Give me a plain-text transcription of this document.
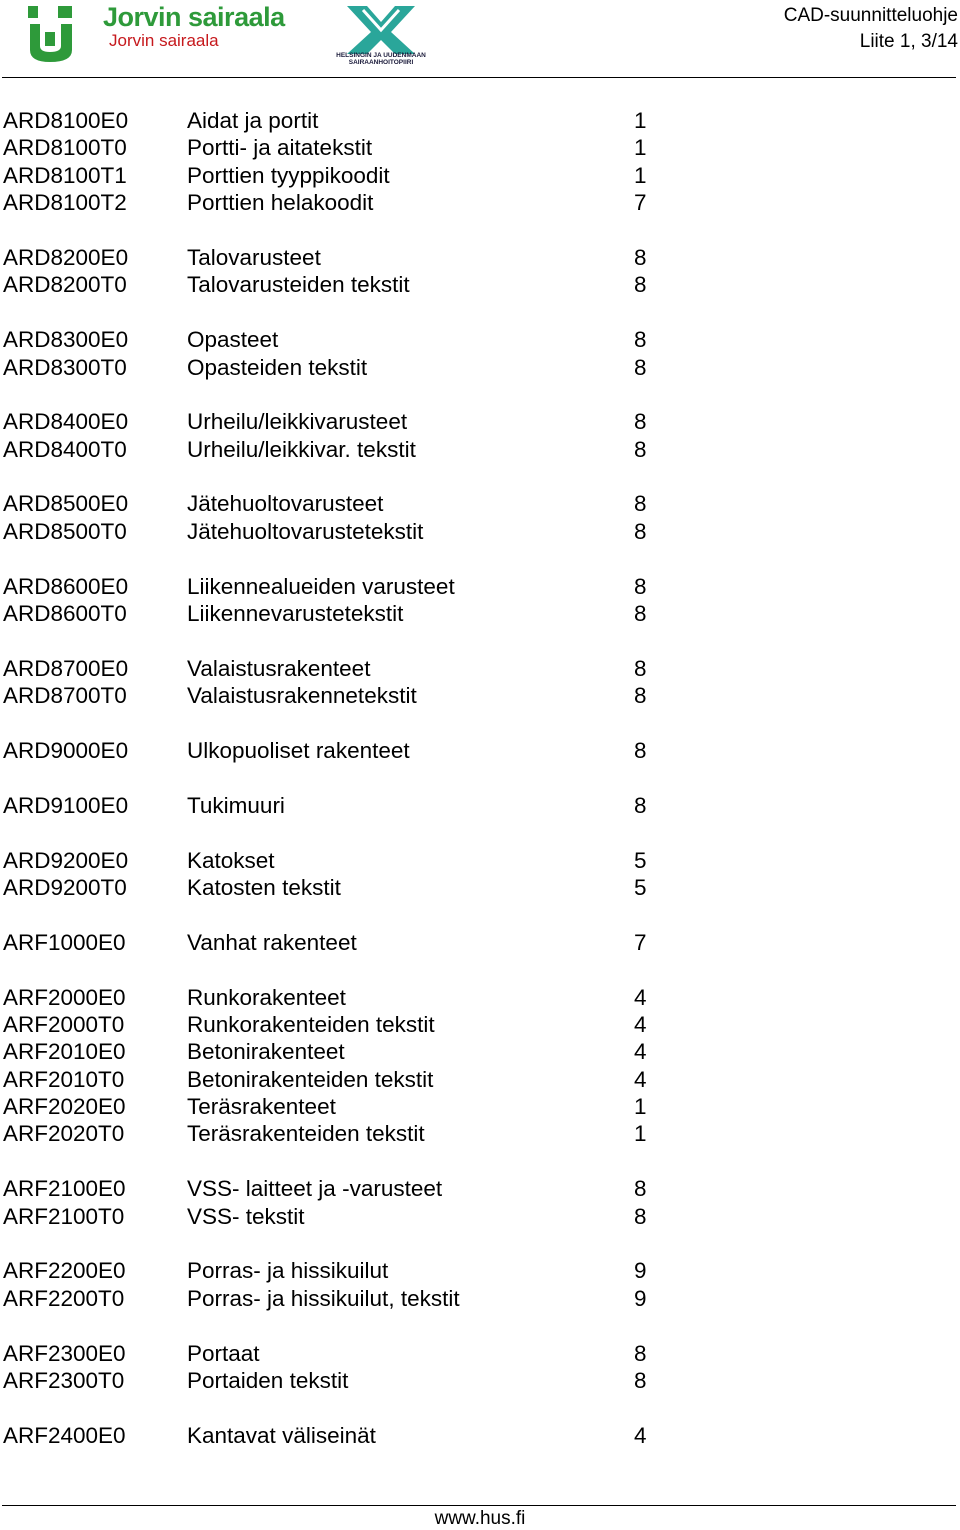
Jorvin sairaala
Jorvin sairaala
HELSINGIN JA UUDENMAAN
SAIRAANHOITOPIIRI
CAD-suunnitteluohje
Liite 1, 3/14
ARD8100E0	Aidat ja portit	1
ARD8100T0	Portti- ja aitatekstit	1
ARD8100T1	Porttien tyyppikoodit	1
ARD8100T2	Porttien helakoodit	7
ARD8200E0	Talovarusteet	8
ARD8200T0	Talovarusteiden tekstit	8
ARD8300E0	Opasteet	8
ARD8300T0	Opasteiden tekstit	8
ARD8400E0	Urheilu/leikkivarusteet	8
ARD8400T0	Urheilu/leikkivar. tekstit	8
ARD8500E0	Jätehuoltovarusteet	8
ARD8500T0	Jätehuoltovarustetekstit	8
ARD8600E0	Liikennealueiden varusteet	8
ARD8600T0	Liikennevarustetekstit	8
ARD8700E0	Valaistusrakenteet	8
ARD8700T0	Valaistusrakennetekstit	8
ARD9000E0	Ulkopuoliset rakenteet	8
ARD9100E0	Tukimuuri	8
ARD9200E0	Katokset	5
ARD9200T0	Katosten tekstit	5
ARF1000E0	Vanhat rakenteet	7
ARF2000E0	Runkorakenteet	4
ARF2000T0	Runkorakenteiden tekstit	4
ARF2010E0	Betonirakenteet	4
ARF2010T0	Betonirakenteiden tekstit	4
ARF2020E0	Teräsrakenteet	1
ARF2020T0	Teräsrakenteiden tekstit	1
ARF2100E0	VSS- laitteet ja -varusteet	8
ARF2100T0	VSS- tekstit	8
ARF2200E0	Porras- ja hissikuilut	9
ARF2200T0	Porras- ja hissikuilut, tekstit	9
ARF2300E0	Portaat	8
ARF2300T0	Portaiden tekstit	8
ARF2400E0	Kantavat väliseinät	4
www.hus.fi
